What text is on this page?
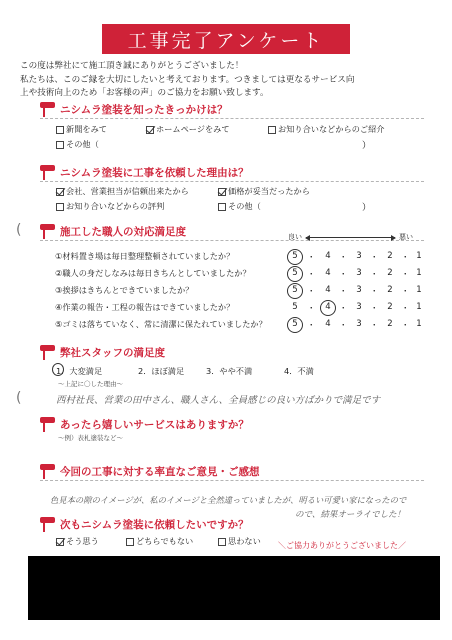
工事完了アンケート
この度は弊社にて施工頂き誠にありがとうございました！
私たちは、このご縁を大切にしたいと考えております。つきましては更なるサービス向
上や技術向上のため「お客様の声」のご協力をお願い致します。
ニシムラ塗装を知ったきっかけは？
新聞をみて	ホームページをみて	お知り合いなどからのご紹介
その他（	）
ニシムラ塗装に工事を依頼した理由は？
会社、営業担当が信頼出来たから	価格が妥当だったから
お知り合いなどからの評判	その他（	）
(	施工した職人の対応満足度	良い	悪い
①材料置き場は毎日整理整頓されていましたか？	5	・	4 ・	3 ・	2 ・ 1
②職人の身だしなみは毎日きちんとしていましたか？	5	・	4 ・	3 ・	2 ・ 1
③挨拶はきちんとできていましたか？	5	・	4 ・	3 ・	2 ・ 1
④作業の報告・工程の報告はできていましたか？	5	・	4 ・	3 ・	2 ・ 1
⑤ゴミは落ちていなく、常に清潔に保たれていましたか？	5	・	4 ・	3 ・	2 ・ 1
弊社スタッフの満足度
1．大変満足	2．ほぼ満足	3．やや不満	4．不満
〜上記に〇した理由〜
(	西村社長、営業の田中さん、職人さん、全員感じの良い方ばかりで満足です
あったら嬉しいサービスはありますか？
〜例）表札塗装など〜
今回の工事に対する率直なご意見・ご感想
色見本の隙のイメージが、私のイメージと全然違っていましたが、明るい可愛い家になったので
ので、結果オーライでした！
次もニシムラ塗装に依頼したいですか？
そう思う	どちらでもない	思わない ＼ご協力ありがとうございました／
